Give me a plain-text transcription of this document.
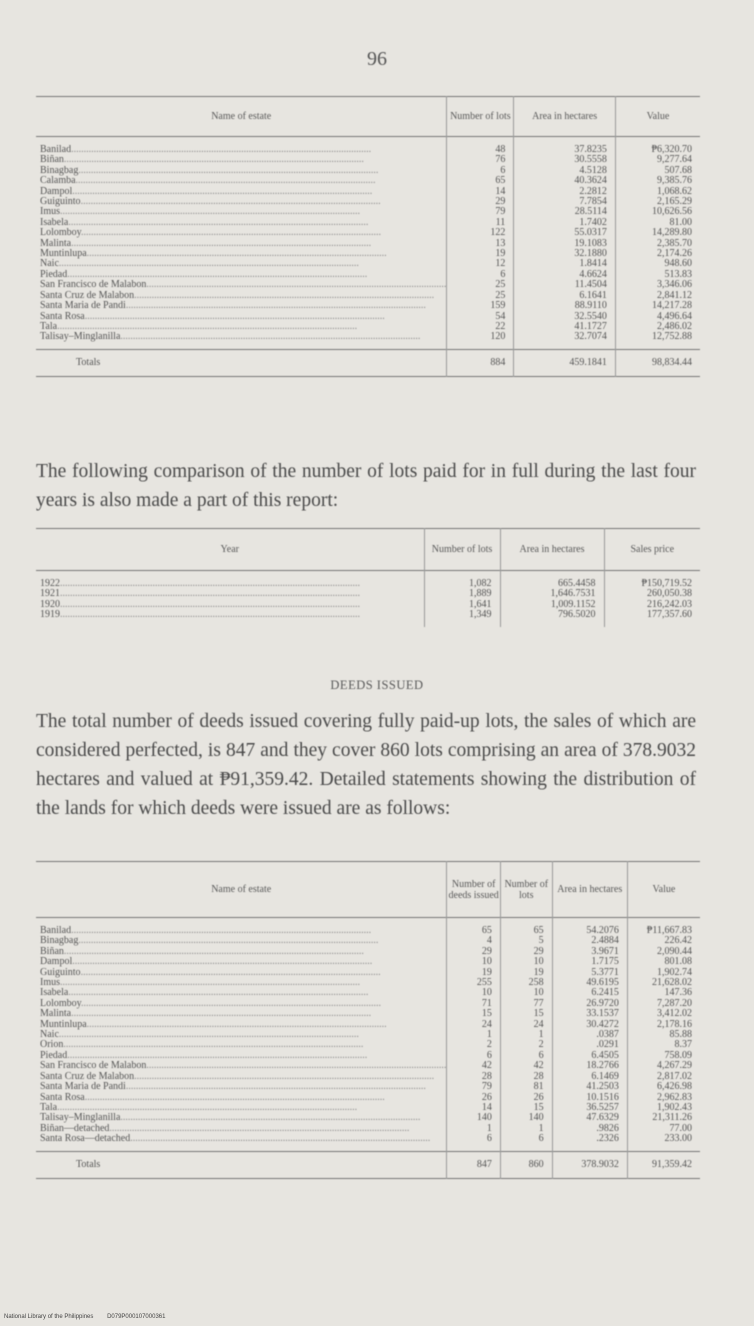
96
Name of estate	Number of lots	Area in hectares	Value
Banilad........................................................................................................................	48	37.8235	₱6,320.70
Biñan........................................................................................................................	76	30.5558	9,277.64
Binagbag........................................................................................................................	6	4.5128	507.68
Calamba........................................................................................................................	65	40.3624	9,385.76
Dampol........................................................................................................................	14	2.2812	1,068.62
Guiguinto........................................................................................................................	29	7.7854	2,165.29
Imus........................................................................................................................	79	28.5114	10,626.56
Isabela........................................................................................................................	11	1.7402	81.00
Lolomboy........................................................................................................................	122	55.0317	14,289.80
Malinta........................................................................................................................	13	19.1083	2,385.70
Muntinlupa........................................................................................................................	19	32.1880	2,174.26
Naic........................................................................................................................	12	1.8414	948.60
Piedad........................................................................................................................	6	4.6624	513.83
San Francisco de Malabon........................................................................................................................	25	11.4504	3,346.06
Santa Cruz de Malabon........................................................................................................................	25	6.1641	2,841.12
Santa Maria de Pandi........................................................................................................................	159	88.9110	14,217.28
Santa Rosa........................................................................................................................	54	32.5540	4,496.64
Tala........................................................................................................................	22	41.1727	2,486.02
Talisay–Minglanilla........................................................................................................................	120	32.7074	12,752.88
Totals	884	459.1841	98,834.44
The following comparison of the number of lots paid for in full during the last four years is also made a part of this report:
Year	Number of lots	Area in hectares	Sales price
1922........................................................................................................................	1,082	665.4458	₱150,719.52
1921........................................................................................................................	1,889	1,646.7531	260,050.38
1920........................................................................................................................	1,641	1,009.1152	216,242.03
1919........................................................................................................................	1,349	796.5020	177,357.60
DEEDS ISSUED
The total number of deeds issued covering fully paid-up lots, the sales of which are considered perfected, is 847 and they cover 860 lots comprising an area of 378.9032 hectares and valued at ₱91,359.42. Detailed statements showing the distribution of the lands for which deeds were issued are as follows:
Name of estate	Number of deeds issued	Number of lots	Area in hectares	Value
Banilad........................................................................................................................	65	65	54.2076	₱11,667.83
Binagbag........................................................................................................................	4	5	2.4884	226.42
Biñan........................................................................................................................	29	29	3.9671	2,090.44
Dampol........................................................................................................................	10	10	1.7175	801.08
Guiguinto........................................................................................................................	19	19	5.3771	1,902.74
Imus........................................................................................................................	255	258	49.6195	21,628.02
Isabela........................................................................................................................	10	10	6.2415	147.36
Lolomboy........................................................................................................................	71	77	26.9720	7,287.20
Malinta........................................................................................................................	15	15	33.1537	3,412.02
Muntinlupa........................................................................................................................	24	24	30.4272	2,178.16
Naic........................................................................................................................	1	1	.0387	85.88
Orion........................................................................................................................	2	2	.0291	8.37
Piedad........................................................................................................................	6	6	6.4505	758.09
San Francisco de Malabon........................................................................................................................	42	42	18.2766	4,267.29
Santa Cruz de Malabon........................................................................................................................	28	28	6.1469	2,817.02
Santa Maria de Pandi........................................................................................................................	79	81	41.2503	6,426.98
Santa Rosa........................................................................................................................	26	26	10.1516	2,962.83
Tala........................................................................................................................	14	15	36.5257	1,902.43
Talisay–Minglanilla........................................................................................................................	140	140	47.6329	21,311.26
Biñan—detached........................................................................................................................	1	1	.9826	77.00
Santa Rosa—detached........................................................................................................................	6	6	.2326	233.00
Totals	847	860	378.9032	91,359.42
National Library of the Philippines D079P000107000361
